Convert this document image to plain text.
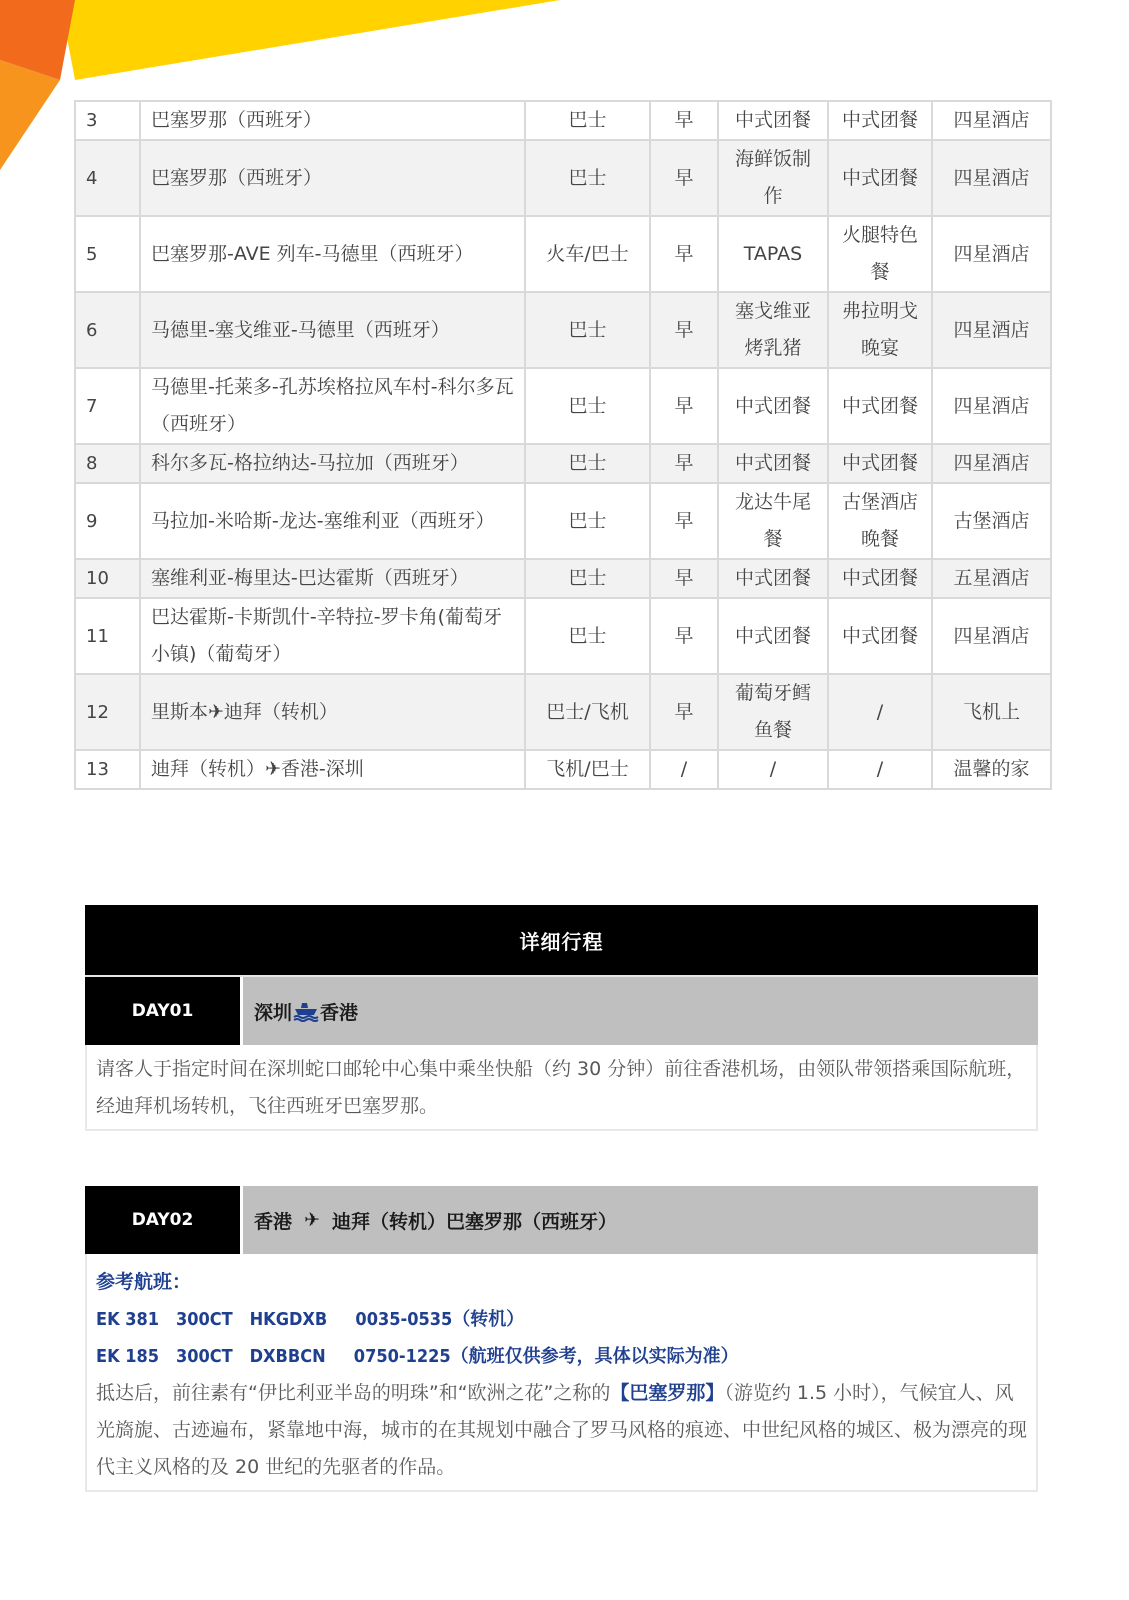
3	巴塞罗那（西班牙）	巴士	早	中式团餐	中式团餐	四星酒店
4	巴塞罗那（西班牙）	巴士	早	海鲜饭制作	中式团餐	四星酒店
5	巴塞罗那-AVE 列车-马德里（西班牙）	火车/巴士	早	TAPAS	火腿特色餐	四星酒店
6	马德里-塞戈维亚-马德里（西班牙）	巴士	早	塞戈维亚烤乳猪	弗拉明戈晚宴	四星酒店
7	马德里-托莱多-孔苏埃格拉风车村-科尔多瓦（西班牙）	巴士	早	中式团餐	中式团餐	四星酒店
8	科尔多瓦-格拉纳达-马拉加（西班牙）	巴士	早	中式团餐	中式团餐	四星酒店
9	马拉加-米哈斯-龙达-塞维利亚（西班牙）	巴士	早	龙达牛尾餐	古堡酒店晚餐	古堡酒店
10	塞维利亚-梅里达-巴达霍斯（西班牙）	巴士	早	中式团餐	中式团餐	五星酒店
11	巴达霍斯-卡斯凯什-辛特拉-罗卡角(葡萄牙小镇)（葡萄牙）	巴士	早	中式团餐	中式团餐	四星酒店
12	里斯本✈迪拜（转机）	巴士/飞机	早	葡萄牙鳕鱼餐	/	飞机上
13	迪拜（转机）✈香港-深圳	飞机/巴士	/	/	/	温馨的家
详细行程
DAY01	深圳 香港
请客人于指定时间在深圳蛇口邮轮中心集中乘坐快船（约 30 分钟）前往香港机场，由领队带领搭乘国际航班，经迪拜机场转机，飞往西班牙巴塞罗那。
DAY02	香港 ✈ 迪拜（转机）巴塞罗那（西班牙）
参考航班：
EK 381   300CT   HKGDXB     0035-0535（转机）
EK 185   300CT   DXBBCN     0750-1225（航班仅供参考，具体以实际为准）
抵达后，前往素有“伊比利亚半岛的明珠”和“欧洲之花”之称的【巴塞罗那】（游览约 1.5 小时），气候宜人、风光旖旎、古迹遍布，紧靠地中海，城市的在其规划中融合了罗马风格的痕迹、中世纪风格的城区、极为漂亮的现代主义风格的及 20 世纪的先驱者的作品。
